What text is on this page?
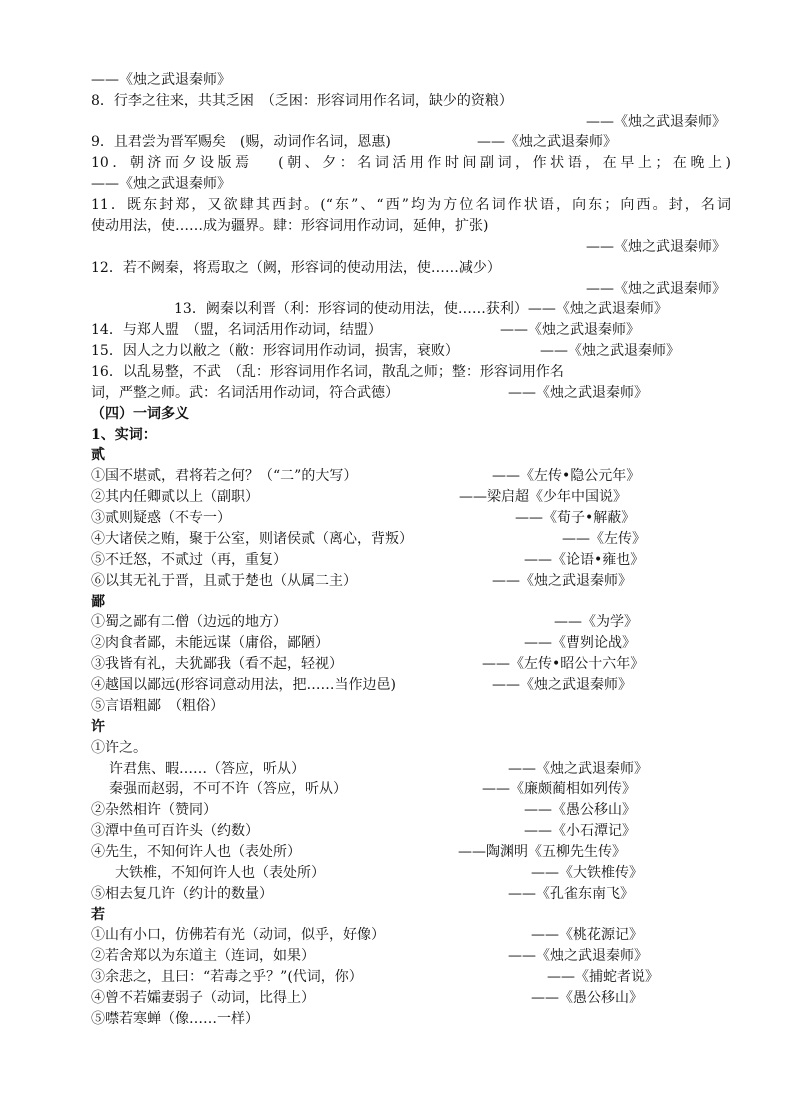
——《烛之武退秦师》
8．行李之往来，共其乏困　（乏困：形容词用作名词，缺少的资粮）
——《烛之武退秦师》
9．且君尝为晋军赐矣　(赐，动词作名词，恩惠)	——《烛之武退秦师》
10．朝济而夕设版焉　 (朝、夕：名词活用作时间副词，作状语，在早上；在晚上)
——《烛之武退秦师》
11．既东封郑，又欲肆其西封。(“东”、“西”均为方位名词作状语，向东；向西。封，名词
使动用法，使……成为疆界。肆：形容词用作动词，延伸，扩张)
——《烛之武退秦师》
12．若不阙秦，将焉取之（阙，形容词的使动用法，使……减少）
——《烛之武退秦师》
13．阙秦以利晋（利：形容词的使动用法，使……获利）——《烛之武退秦师》
14．与郑人盟　（盟，名词活用作动词，结盟）	——《烛之武退秦师》
15．因人之力以敝之（敝：形容词用作动词，损害，衰败）	——《烛之武退秦师》
16．以乱易整，不武　（乱：形容词用作名词，散乱之师；整：形容词用作名
词，严整之师。武：名词活用作动词，符合武德）	——《烛之武退秦师》
（四）一词多义
1、实词：
贰
①国不堪贰，君将若之何？（“二”的大写）	——《左传•隐公元年》
②其内任卿贰以上（副职）	——梁启超《少年中国说》
③贰则疑惑（不专一）	——《荀子•解蔽》
④大诸侯之贿，聚于公室，则诸侯贰（离心，背叛）	——《左传》
⑤不迁怒，不贰过（再，重复）	——《论语•雍也》
⑥以其无礼于晋，且贰于楚也（从属二主）	——《烛之武退秦师》
鄙
①蜀之鄙有二僧（边远的地方）	——《为学》
②肉食者鄙，未能远谋（庸俗，鄙陋）	——《曹刿论战》
③我皆有礼，夫犹鄙我（看不起，轻视）	——《左传•昭公十六年》
④越国以鄙远(形容词意动用法，把……当作边邑)	——《烛之武退秦师》
⑤言语粗鄙　（粗俗）
许
①许之。
许君焦、暇……（答应，听从）	——《烛之武退秦师》
秦强而赵弱，不可不许（答应，听从）	——《廉颇蔺相如列传》
②杂然相许（赞同）	——《愚公移山》
③潭中鱼可百许头（约数）	——《小石潭记》
④先生，不知何许人也（表处所）	——陶渊明《五柳先生传》
大铁椎，不知何许人也（表处所）	——《大铁椎传》
⑤相去复几许（约计的数量）	——《孔雀东南飞》
若
①山有小口，仿佛若有光（动词，似乎，好像）	——《桃花源记》
②若舍郑以为东道主（连词，如果）	——《烛之武退秦师》
③余悲之，且曰：“若毒之乎？”(代词，你）	——《捕蛇者说》
④曾不若孀妻弱子（动词，比得上）	——《愚公移山》
⑤噤若寒蝉（像……一样）
